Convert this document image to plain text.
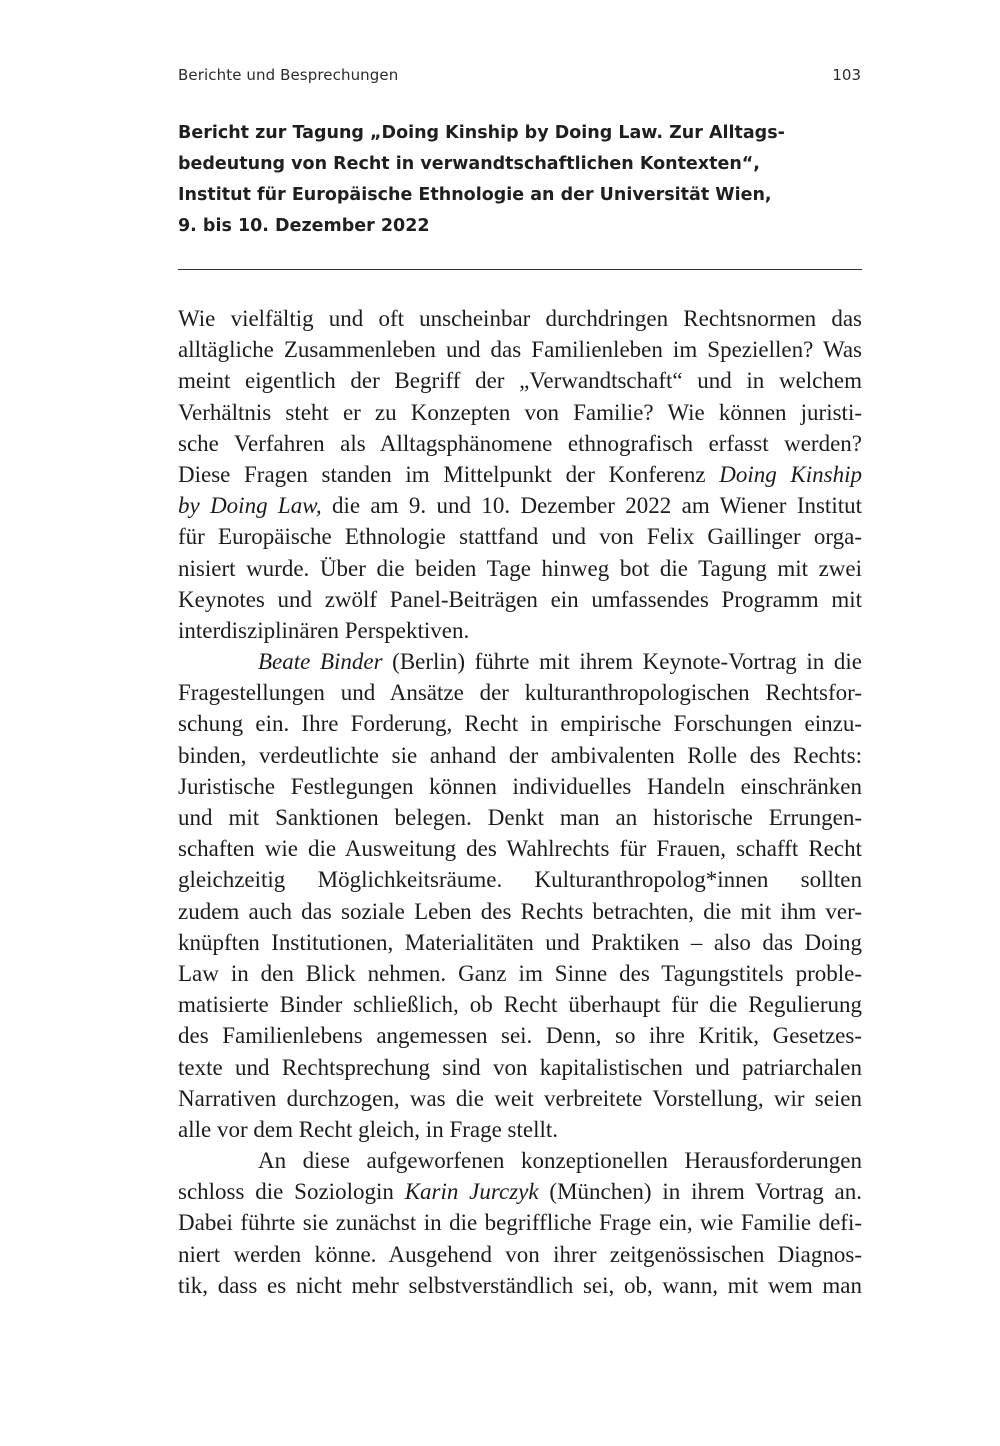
Berichte und Besprechungen	103
Bericht zur Tagung „Doing Kinship by Doing Law. Zur Alltags-
bedeutung von Recht in verwandtschaftlichen Kontexten“,
Institut für Europäische Ethnologie an der Universität Wien,
9. bis 10. Dezember 2022

Wie vielfältig und oft unscheinbar durchdringen Rechtsnormen das
alltägliche Zusammenleben und das Familienleben im Speziellen? Was
meint eigentlich der Begriff der „Verwandtschaft“ und in welchem
Verhältnis steht er zu Konzepten von Familie? Wie können juristi-
sche Verfahren als Alltagsphänomene ethnografisch erfasst werden?
Diese Fragen standen im Mittelpunkt der Konferenz Doing Kinship
by Doing Law, die am 9. und 10. Dezember 2022 am Wiener Institut
für Europäische Ethnologie stattfand und von Felix Gaillinger orga-
nisiert wurde. Über die beiden Tage hinweg bot die Tagung mit zwei
Keynotes und zwölf Panel-Beiträgen ein umfassendes Programm mit
interdisziplinären Perspektiven.

Beate Binder (Berlin) führte mit ihrem Keynote-Vortrag in die
Fragestellungen und Ansätze der kulturanthropologischen Rechtsfor-
schung ein. Ihre Forderung, Recht in empirische Forschungen einzu-
binden, verdeutlichte sie anhand der ambivalenten Rolle des Rechts:
Juristische Festlegungen können individuelles Handeln einschränken
und mit Sanktionen belegen. Denkt man an historische Errungen-
schaften wie die Ausweitung des Wahlrechts für Frauen, schafft Recht
gleichzeitig Möglichkeitsräume. Kulturanthropolog*innen sollten
zudem auch das soziale Leben des Rechts betrachten, die mit ihm ver-
knüpften Institutionen, Materialitäten und Praktiken – also das Doing
Law in den Blick nehmen. Ganz im Sinne des Tagungstitels proble-
matisierte Binder schließlich, ob Recht überhaupt für die Regulierung
des Familienlebens angemessen sei. Denn, so ihre Kritik, Gesetzes-
texte und Rechtsprechung sind von kapitalistischen und patriarchalen
Narrativen durchzogen, was die weit verbreitete Vorstellung, wir seien
alle vor dem Recht gleich, in Frage stellt.

An diese aufgeworfenen konzeptionellen Herausforderungen
schloss die Soziologin Karin Jurczyk (München) in ihrem Vortrag an.
Dabei führte sie zunächst in die begriffliche Frage ein, wie Familie defi-
niert werden könne. Ausgehend von ihrer zeitgenössischen Diagnos-
tik, dass es nicht mehr selbstverständlich sei, ob, wann, mit wem man
